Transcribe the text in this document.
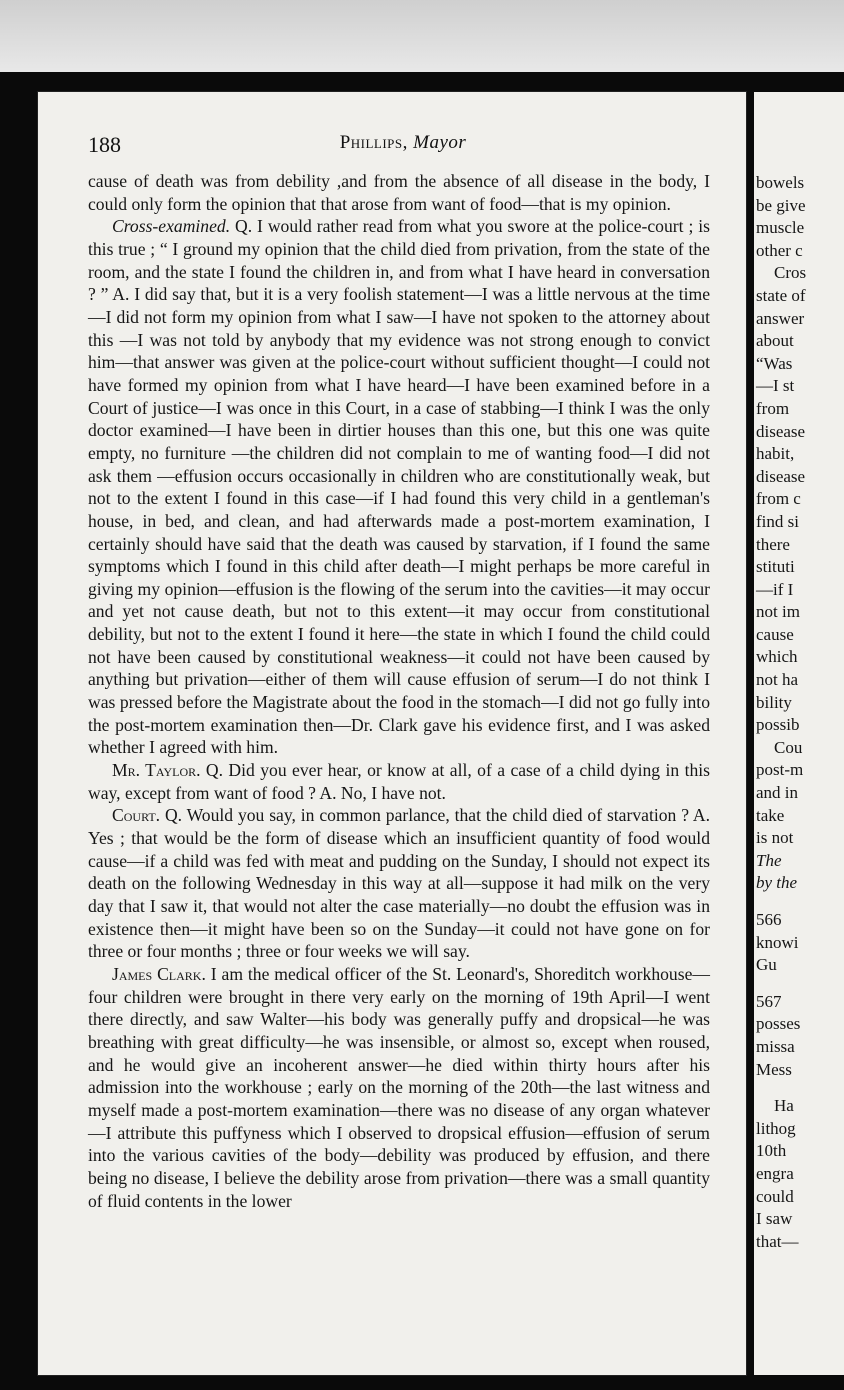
188	Phillips, Mayor

cause of death was from debility ,and from the absence of all disease in the body, I could only form the opinion that that arose from want of food—that is my opinion.

Cross-examined. Q. I would rather read from what you swore at the police-court ; is this true ; “ I ground my opinion that the child died from privation, from the state of the room, and the state I found the children in, and from what I have heard in conversation ? ” A. I did say that, but it is a very foolish statement—I was a little nervous at the time—I did not form my opinion from what I saw—I have not spoken to the attorney about this —I was not told by anybody that my evidence was not strong enough to convict him—that answer was given at the police-court without sufficient thought—I could not have formed my opinion from what I have heard—I have been examined before in a Court of justice—I was once in this Court, in a case of stabbing—I think I was the only doctor examined—I have been in dirtier houses than this one, but this one was quite empty, no furniture —the children did not complain to me of wanting food—I did not ask them —effusion occurs occasionally in children who are constitutionally weak, but not to the extent I found in this case—if I had found this very child in a gentleman's house, in bed, and clean, and had afterwards made a post-mortem examination, I certainly should have said that the death was caused by starvation, if I found the same symptoms which I found in this child after death—I might perhaps be more careful in giving my opinion—effusion is the flowing of the serum into the cavities—it may occur and yet not cause death, but not to this extent—it may occur from constitutional debility, but not to the extent I found it here—the state in which I found the child could not have been caused by constitutional weakness—it could not have been caused by anything but privation—either of them will cause effusion of serum—I do not think I was pressed before the Magistrate about the food in the stomach—I did not go fully into the post-mortem examination then—Dr. Clark gave his evidence first, and I was asked whether I agreed with him.

Mr. Taylor. Q. Did you ever hear, or know at all, of a case of a child dying in this way, except from want of food ? A. No, I have not.

Court. Q. Would you say, in common parlance, that the child died of starvation ? A. Yes ; that would be the form of disease which an insufficient quantity of food would cause—if a child was fed with meat and pudding on the Sunday, I should not expect its death on the following Wednesday in this way at all—suppose it had milk on the very day that I saw it, that would not alter the case materially—no doubt the effusion was in existence then—it might have been so on the Sunday—it could not have gone on for three or four months ; three or four weeks we will say.

James Clark. I am the medical officer of the St. Leonard's, Shoreditch workhouse—four children were brought in there very early on the morning of 19th April—I went there directly, and saw Walter—his body was generally puffy and dropsical—he was breathing with great difficulty—he was insensible, or almost so, except when roused, and he would give an incoherent answer—he died within thirty hours after his admission into the workhouse ; early on the morning of the 20th—the last witness and myself made a post-mortem examination—there was no disease of any organ whatever—I attribute this puffyness which I observed to dropsical effusion—effusion of serum into the various cavities of the body—debility was produced by effusion, and there being no disease, I believe the debility arose from privation—there was a small quantity of fluid contents in the lower

bowels
be give
muscle
other c
Cros
state of
answer
about
“Was
—I st
from
disease
habit,
disease
from c
find si
there
stituti
—if I
not im
cause
which
not ha
bility
possib
Cou
post-m
and in
take
is not
The
by the
566
knowi
Gu
567
posses
missa
Mess
Ha
lithog
10th
engra
could
I saw
that—
